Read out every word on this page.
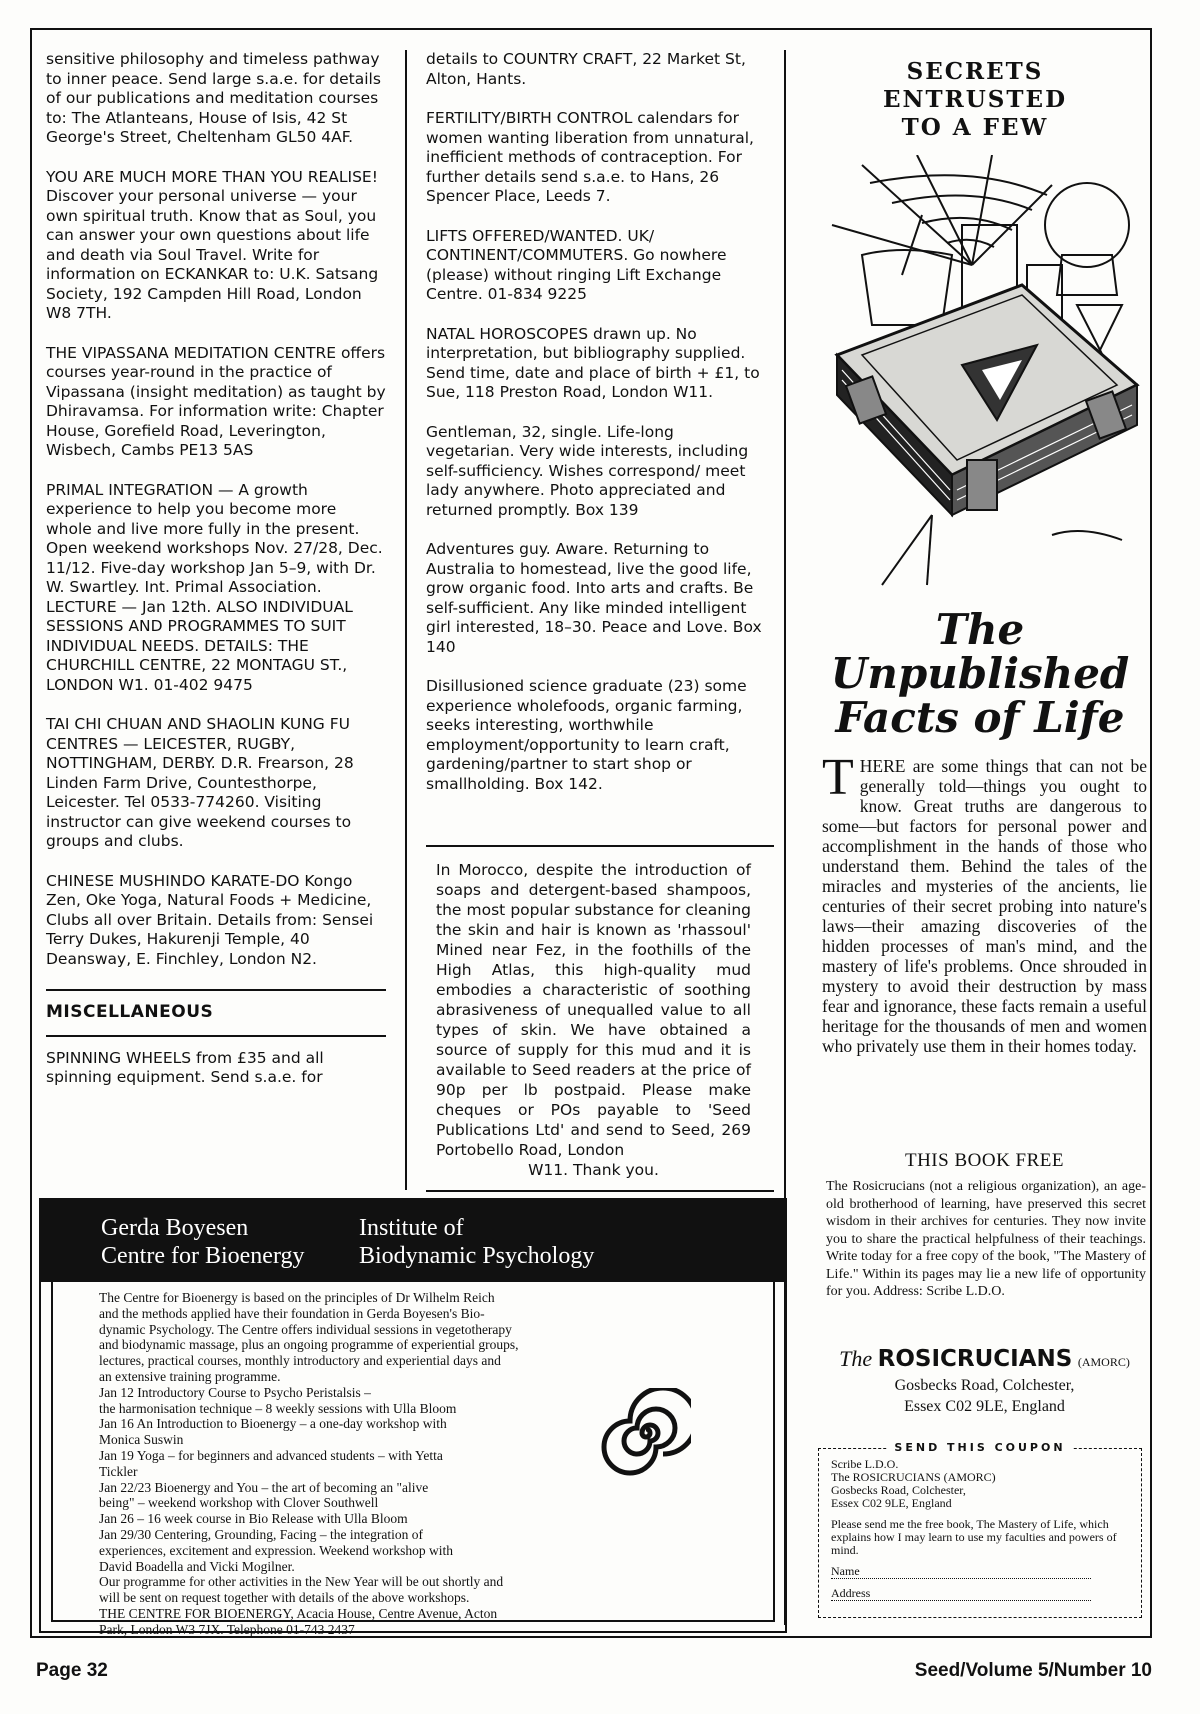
sensitive philosophy and timeless pathway to inner peace. Send large s.a.e. for details of our publications and meditation courses to: The Atlanteans, House of Isis, 42 St George's Street, Cheltenham GL50 4AF.

YOU ARE MUCH MORE THAN YOU REALISE! Discover your personal universe — your own spiritual truth. Know that as Soul, you can answer your own questions about life and death via Soul Travel. Write for information on ECKANKAR to: U.K. Satsang Society, 192 Campden Hill Road, London W8 7TH.

THE VIPASSANA MEDITATION CENTRE offers courses year-round in the practice of Vipassana (insight meditation) as taught by Dhiravamsa. For information write: Chapter House, Gorefield Road, Leverington, Wisbech, Cambs PE13 5AS

PRIMAL INTEGRATION — A growth experience to help you become more whole and live more fully in the present. Open weekend workshops Nov. 27/28, Dec. 11/12. Five-day workshop Jan 5–9, with Dr. W. Swartley. Int. Primal Association. LECTURE — Jan 12th. ALSO INDIVIDUAL SESSIONS AND PROGRAMMES TO SUIT INDIVIDUAL NEEDS. DETAILS: THE CHURCHILL CENTRE, 22 MONTAGU ST., LONDON W1. 01-402 9475

TAI CHI CHUAN AND SHAOLIN KUNG FU CENTRES — LEICESTER, RUGBY, NOTTINGHAM, DERBY. D.R. Frearson, 28 Linden Farm Drive, Countesthorpe, Leicester. Tel 0533-774260. Visiting instructor can give weekend courses to groups and clubs.

CHINESE MUSHINDO KARATE-DO Kongo Zen, Oke Yoga, Natural Foods + Medicine, Clubs all over Britain. Details from: Sensei Terry Dukes, Hakurenji Temple, 40 Deansway, E. Finchley, London N2.

MISCELLANEOUS

SPINNING WHEELS from £35 and all spinning equipment. Send s.a.e. for

details to COUNTRY CRAFT, 22 Market St, Alton, Hants.

FERTILITY/BIRTH CONTROL calendars for women wanting liberation from unnatural, inefficient methods of contraception. For further details send s.a.e. to Hans, 26 Spencer Place, Leeds 7.

LIFTS OFFERED/WANTED. UK/ CONTINENT/COMMUTERS. Go nowhere (please) without ringing Lift Exchange Centre. 01-834 9225

NATAL HOROSCOPES drawn up. No interpretation, but bibliography supplied. Send time, date and place of birth + £1, to Sue, 118 Preston Road, London W11.

Gentleman, 32, single. Life-long vegetarian. Very wide interests, including self-sufficiency. Wishes correspond/ meet lady anywhere. Photo appreciated and returned promptly. Box 139

Adventures guy. Aware. Returning to Australia to homestead, live the good life, grow organic food. Into arts and crafts. Be self-sufficient. Any like minded intelligent girl interested, 18–30. Peace and Love. Box 140

Disillusioned science graduate (23) some experience wholefoods, organic farming, seeks interesting, worthwhile employment/opportunity to learn craft, gardening/partner to start shop or smallholding. Box 142.

In Morocco, despite the introduction of soaps and detergent-based shampoos, the most popular substance for cleaning the skin and hair is known as 'rhassoul' Mined near Fez, in the foothills of the High Atlas, this high-quality mud embodies a characteristic of soothing abrasiveness of unequalled value to all types of skin. We have obtained a source of supply for this mud and it is available to Seed readers at the price of 90p per lb postpaid. Please make cheques or POs payable to 'Seed Publications Ltd' and send to Seed, 269 Portobello Road, London
W11. Thank you.
SECRETS ENTRUSTED
TO A FEW
The Unpublished
Facts of Life
THERE are some things that can not be generally told—things you ought to know. Great truths are dangerous to some—but factors for personal power and accomplishment in the hands of those who understand them. Behind the tales of the miracles and mysteries of the ancients, lie centuries of their secret probing into nature's laws—their amazing discoveries of the hidden processes of man's mind, and the mastery of life's problems. Once shrouded in mystery to avoid their destruction by mass fear and ignorance, these facts remain a useful heritage for the thousands of men and women who privately use them in their homes today.
THIS BOOK FREE
The Rosicrucians (not a religious organization), an age-old brotherhood of learning, have preserved this secret wisdom in their archives for centuries. They now invite you to share the practical helpfulness of their teachings. Write today for a free copy of the book, "The Mastery of Life." Within its pages may lie a new life of opportunity for you. Address: Scribe L.D.O.
The ROSICRUCIANS (AMORC)
Gosbecks Road, Colchester,
Essex C02 9LE, England
Scribe L.D.O.
The ROSICRUCIANS (AMORC)
Gosbecks Road, Colchester,
Essex C02 9LE, England
Please send me the free book, The Mastery of Life, which explains how I may learn to use my faculties and powers of mind.
Name
Address
SEND THIS COUPON
Gerda Boyesen
Centre for Bioenergy
Institute of
Biodynamic Psychology
The Centre for Bioenergy is based on the principles of Dr Wilhelm Reich
and the methods applied have their foundation in Gerda Boyesen's Bio-
dynamic Psychology. The Centre offers individual sessions in vegetotherapy
and biodynamic massage, plus an ongoing programme of experiential groups,
lectures, practical courses, monthly introductory and experiential days and
an extensive training programme.
Jan 12 Introductory Course to Psycho Peristalsis –
the harmonisation technique – 8 weekly sessions with Ulla Bloom
Jan 16 An Introduction to Bioenergy – a one-day workshop with
Monica Suswin
Jan 19 Yoga – for beginners and advanced students – with Yetta
Tickler
Jan 22/23 Bioenergy and You – the art of becoming an "alive
being" – weekend workshop with Clover Southwell
Jan 26 – 16 week course in Bio Release with Ulla Bloom
Jan 29/30 Centering, Grounding, Facing – the integration of
experiences, excitement and expression. Weekend workshop with
David Boadella and Vicki Mogilner.
Our programme for other activities in the New Year will be out shortly and
will be sent on request together with details of the above workshops.
THE CENTRE FOR BIOENERGY, Acacia House, Centre Avenue, Acton
Park, London W3 7JX. Telephone 01-743 2437
Page 32	Seed/Volume 5/Number 10
